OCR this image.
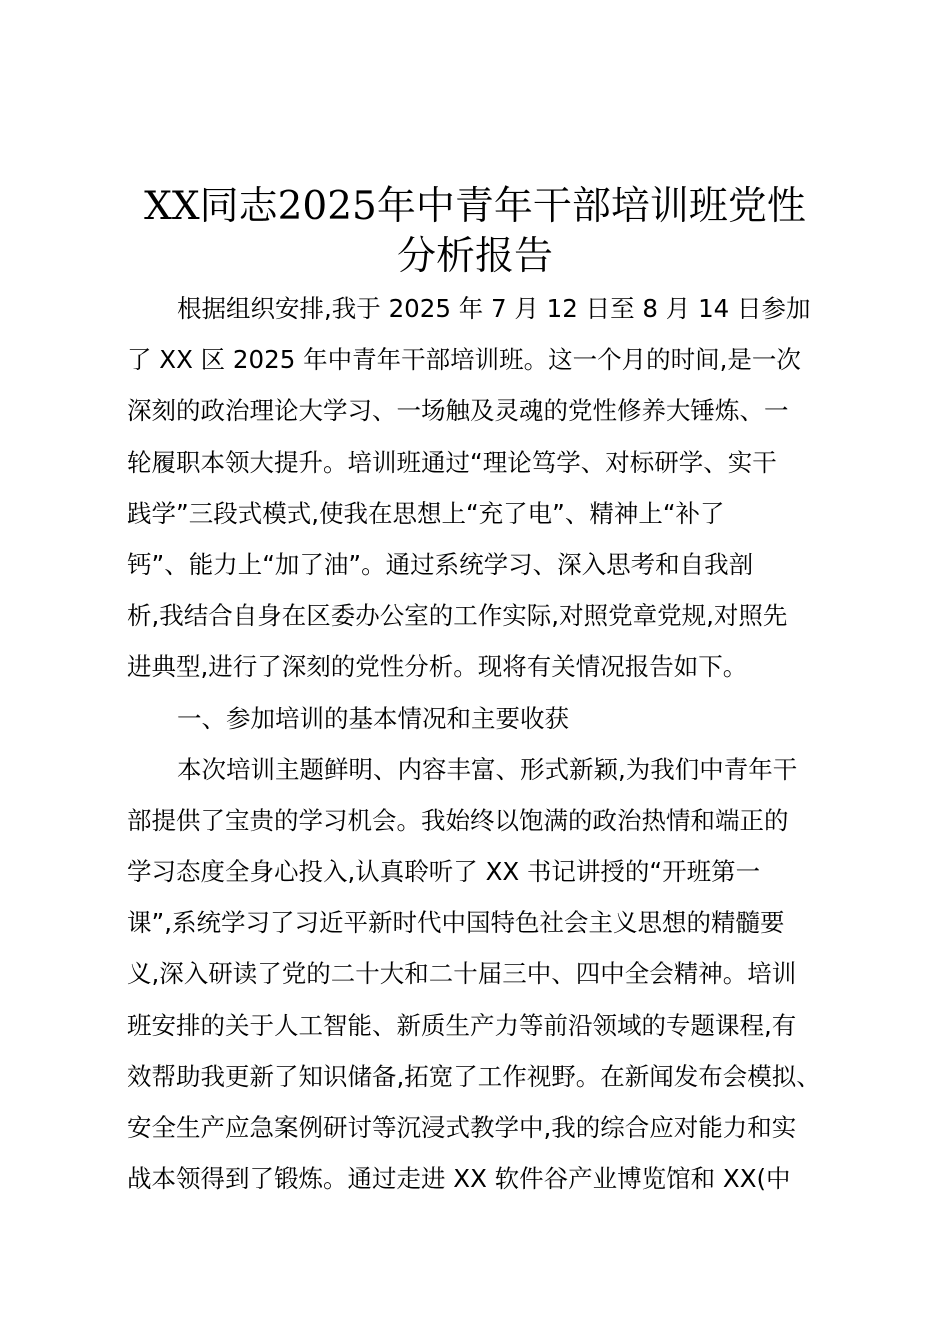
XX同志2025年中青年干部培训班党性
分析报告
根据组织安排,我于 2025 年 7 月 12 日至 8 月 14 日参加
了 XX 区 2025 年中青年干部培训班。这一个月的时间,是一次
深刻的政治理论大学习、一场触及灵魂的党性修养大锤炼、一
轮履职本领大提升。培训班通过“理论笃学、对标研学、实干
践学”三段式模式,使我在思想上“充了电”、精神上“补了
钙”、能力上“加了油”。通过系统学习、深入思考和自我剖
析,我结合自身在区委办公室的工作实际,对照党章党规,对照先
进典型,进行了深刻的党性分析。现将有关情况报告如下。
一、参加培训的基本情况和主要收获
本次培训主题鲜明、内容丰富、形式新颖,为我们中青年干
部提供了宝贵的学习机会。我始终以饱满的政治热情和端正的
学习态度全身心投入,认真聆听了 XX 书记讲授的“开班第一
课”,系统学习了习近平新时代中国特色社会主义思想的精髓要
义,深入研读了党的二十大和二十届三中、四中全会精神。培训
班安排的关于人工智能、新质生产力等前沿领域的专题课程,有
效帮助我更新了知识储备,拓宽了工作视野。在新闻发布会模拟、
安全生产应急案例研讨等沉浸式教学中,我的综合应对能力和实
战本领得到了锻炼。通过走进 XX 软件谷产业博览馆和 XX(中
